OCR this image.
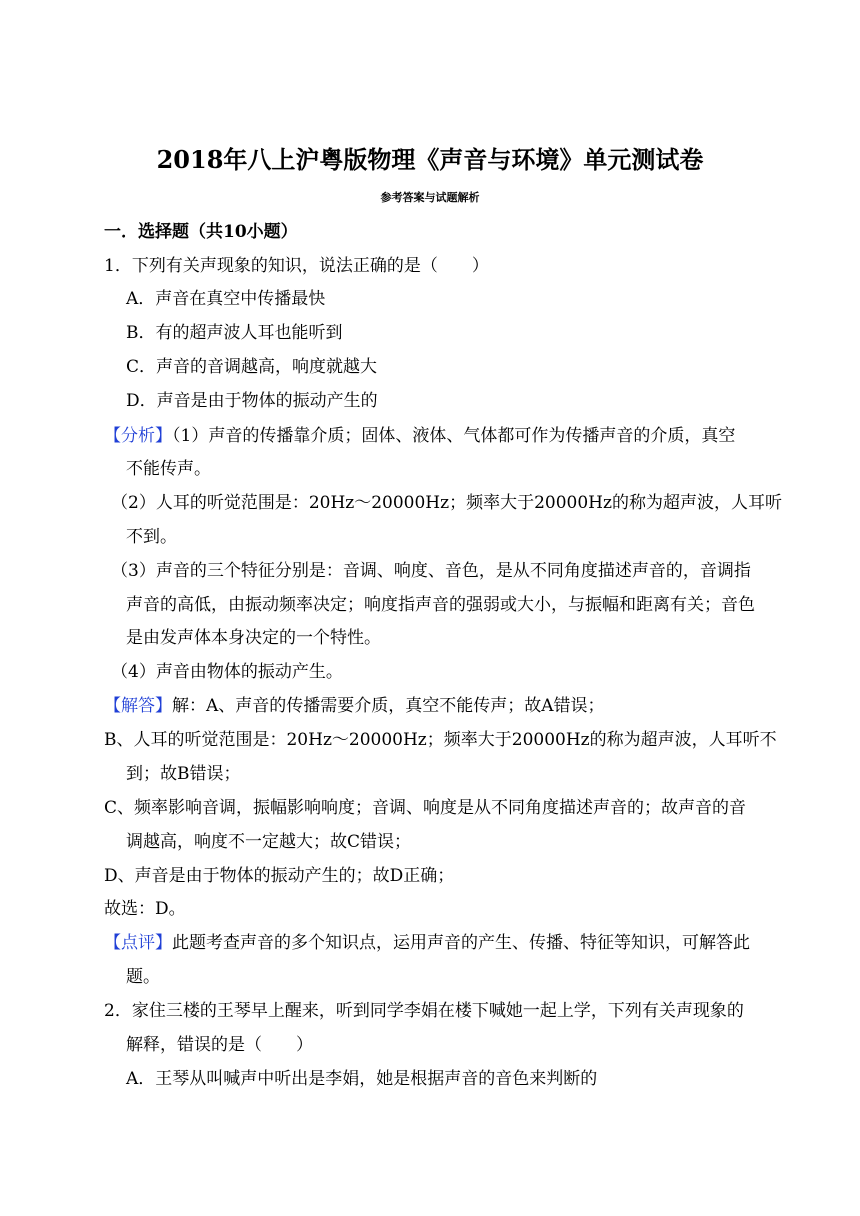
2018年八上沪粤版物理《声音与环境》单元测试卷
参考答案与试题解析
一．选择题（共10小题）
1．下列有关声现象的知识，说法正确的是（　　）
A．声音在真空中传播最快
B．有的超声波人耳也能听到
C．声音的音调越高，响度就越大
D．声音是由于物体的振动产生的
【分析】（1）声音的传播靠介质；固体、液体、气体都可作为传播声音的介质，真空
不能传声。
（2）人耳的听觉范围是：20Hz～20000Hz；频率大于20000Hz的称为超声波，人耳听
不到。
（3）声音的三个特征分别是：音调、响度、音色，是从不同角度描述声音的，音调指
声音的高低，由振动频率决定；响度指声音的强弱或大小，与振幅和距离有关；音色
是由发声体本身决定的一个特性。
（4）声音由物体的振动产生。
【解答】解：A、声音的传播需要介质，真空不能传声；故A错误；
B、人耳的听觉范围是：20Hz～20000Hz；频率大于20000Hz的称为超声波，人耳听不
到；故B错误；
C、频率影响音调，振幅影响响度；音调、响度是从不同角度描述声音的；故声音的音
调越高，响度不一定越大；故C错误；
D、声音是由于物体的振动产生的；故D正确；
故选：D。
【点评】此题考查声音的多个知识点，运用声音的产生、传播、特征等知识，可解答此
题。
2．家住三楼的王琴早上醒来，听到同学李娟在楼下喊她一起上学，下列有关声现象的
解释，错误的是（　　）
A．王琴从叫喊声中听出是李娟，她是根据声音的音色来判断的
